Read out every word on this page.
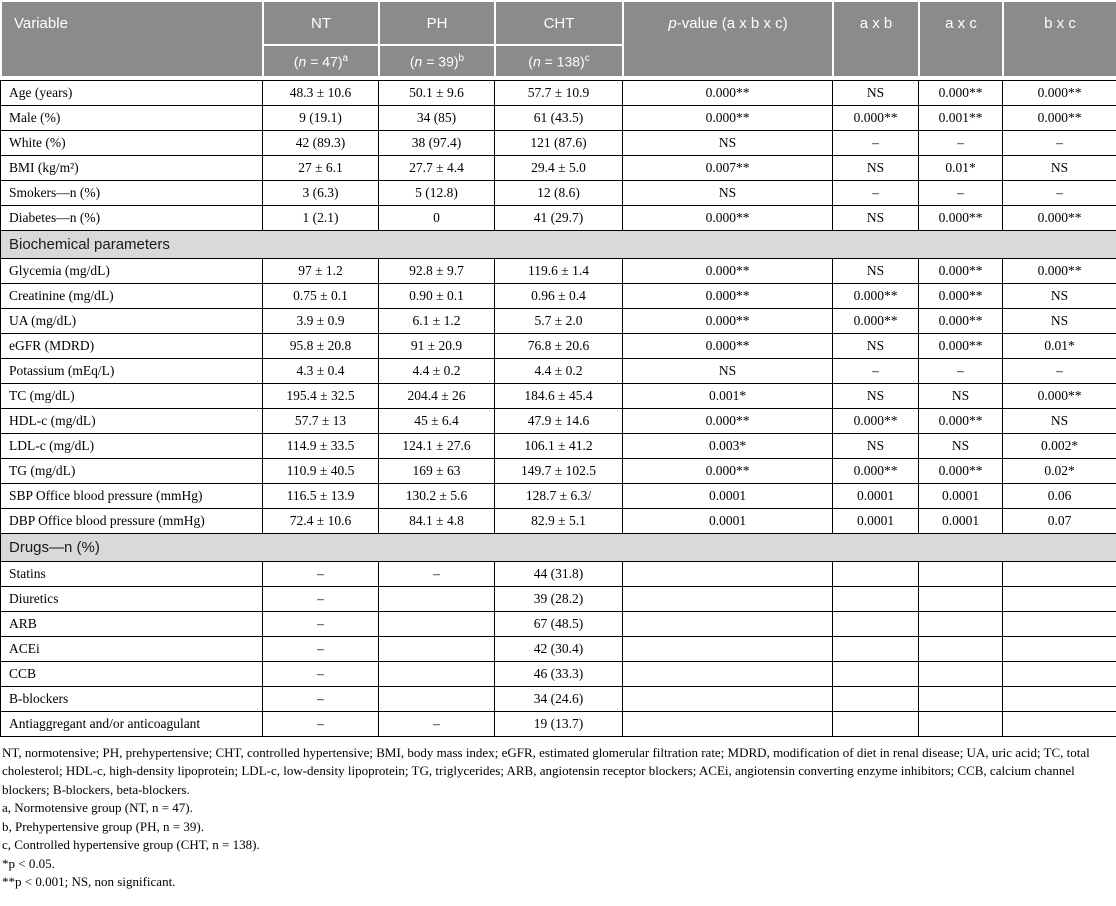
Variable	NT	PH	CHT	p-value (a x b x c)	a x b	a x c	b x c
	(n = 47)$^a$	(n = 39)$^b$	(n = 138)$^c$
Age (years)	48.3 ± 10.6	50.1 ± 9.6	57.7 ± 10.9	0.000**	NS	0.000**	0.000**
Male (%)	9 (19.1)	34 (85)	61 (43.5)	0.000**	0.000**	0.001**	0.000**
White (%)	42 (89.3)	38 (97.4)	121 (87.6)	NS	–	–	–
BMI (kg/m²)	27 ± 6.1	27.7 ± 4.4	29.4 ± 5.0	0.007**	NS	0.01*	NS
Smokers—n (%)	3 (6.3)	5 (12.8)	12 (8.6)	NS	–	–	–
Diabetes—n (%)	1 (2.1)	0	41 (29.7)	0.000**	NS	0.000**	0.000**
Biochemical parameters							
Glycemia (mg/dL)	97 ± 1.2	92.8 ± 9.7	119.6 ± 1.4	0.000**	NS	0.000**	0.000**
Creatinine (mg/dL)	0.75 ± 0.1	0.90 ± 0.1	0.96 ± 0.4	0.000**	0.000**	0.000**	NS
UA (mg/dL)	3.9 ± 0.9	6.1 ± 1.2	5.7 ± 2.0	0.000**	0.000**	0.000**	NS
eGFR (MDRD)	95.8 ± 20.8	91 ± 20.9	76.8 ± 20.6	0.000**	NS	0.000**	0.01*
Potassium (mEq/L)	4.3 ± 0.4	4.4 ± 0.2	4.4 ± 0.2	NS	–	–	–
TC (mg/dL)	195.4 ± 32.5	204.4 ± 26	184.6 ± 45.4	0.001*	NS	NS	0.000**
HDL-c (mg/dL)	57.7 ± 13	45 ± 6.4	47.9 ± 14.6	0.000**	0.000**	0.000**	NS
LDL-c (mg/dL)	114.9 ± 33.5	124.1 ± 27.6	106.1 ± 41.2	0.003*	NS	NS	0.002*
TG (mg/dL)	110.9 ± 40.5	169 ± 63	149.7 ± 102.5	0.000**	0.000**	0.000**	0.02*
SBP Office blood pressure (mmHg)	116.5 ± 13.9	130.2 ± 5.6	128.7 ± 6.3/	0.0001	0.0001	0.0001	0.06
DBP Office blood pressure (mmHg)	72.4 ± 10.6	84.1 ± 4.8	82.9 ± 5.1	0.0001	0.0001	0.0001	0.07
Drugs—n (%)							
Statins	–	–	44 (31.8)				
Diuretics	–		39 (28.2)				
ARB	–		67 (48.5)				
ACEi	–		42 (30.4)				
CCB	–		46 (33.3)				
B-blockers	–		34 (24.6)				
Antiaggregant and/or anticoagulant	–	–	19 (13.7)				

NT, normotensive; PH, prehypertensive; CHT, controlled hypertensive; BMI, body mass index; eGFR, estimated glomerular filtration rate; MDRD, modification of diet in renal disease; UA, uric acid; TC, total cholesterol; HDL-c, high-density lipoprotein; LDL-c, low-density lipoprotein; TG, triglycerides; ARB, angiotensin receptor blockers; ACEi, angiotensin converting enzyme inhibitors; CCB, calcium channel blockers; B-blockers, beta-blockers.

a, Normotensive group (NT, n = 47).

b, Prehypertensive group (PH, n = 39).

c, Controlled hypertensive group (CHT, n = 138).

*p < 0.05.

**p < 0.001; NS, non significant.
